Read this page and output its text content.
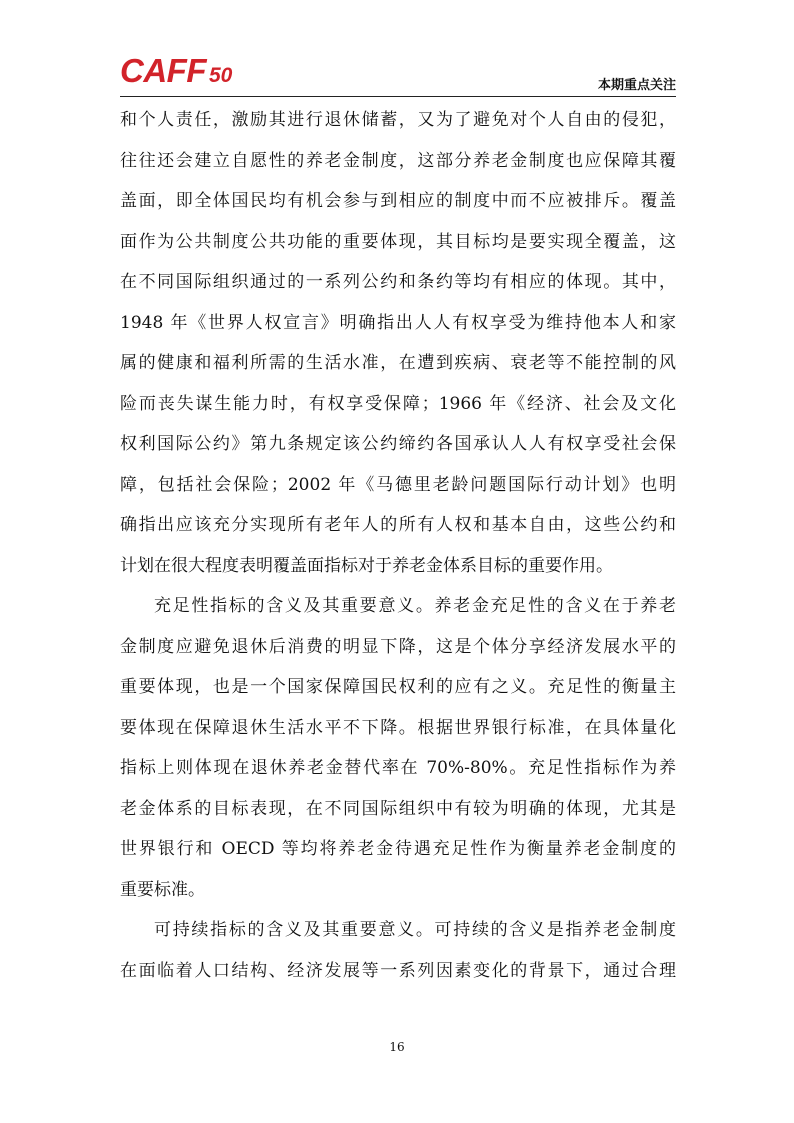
CAFF 50	本期重点关注
和个人责任，激励其进行退休储蓄，又为了避免对个人自由的侵犯，
往往还会建立自愿性的养老金制度，这部分养老金制度也应保障其覆
盖面，即全体国民均有机会参与到相应的制度中而不应被排斥。覆盖
面作为公共制度公共功能的重要体现，其目标均是要实现全覆盖，这
在不同国际组织通过的一系列公约和条约等均有相应的体现。其中，
1948 年《世界人权宣言》明确指出人人有权享受为维持他本人和家
属的健康和福利所需的生活水准，在遭到疾病、衰老等不能控制的风
险而丧失谋生能力时，有权享受保障；1966 年《经济、社会及文化
权利国际公约》第九条规定该公约缔约各国承认人人有权享受社会保
障，包括社会保险；2002 年《马德里老龄问题国际行动计划》也明
确指出应该充分实现所有老年人的所有人权和基本自由，这些公约和
计划在很大程度表明覆盖面指标对于养老金体系目标的重要作用。
充足性指标的含义及其重要意义。养老金充足性的含义在于养老
金制度应避免退休后消费的明显下降，这是个体分享经济发展水平的
重要体现，也是一个国家保障国民权利的应有之义。充足性的衡量主
要体现在保障退休生活水平不下降。根据世界银行标准，在具体量化
指标上则体现在退休养老金替代率在 70%-80%。充足性指标作为养
老金体系的目标表现，在不同国际组织中有较为明确的体现，尤其是
世界银行和 OECD 等均将养老金待遇充足性作为衡量养老金制度的
重要标准。
可持续指标的含义及其重要意义。可持续的含义是指养老金制度
在面临着人口结构、经济发展等一系列因素变化的背景下，通过合理
16
